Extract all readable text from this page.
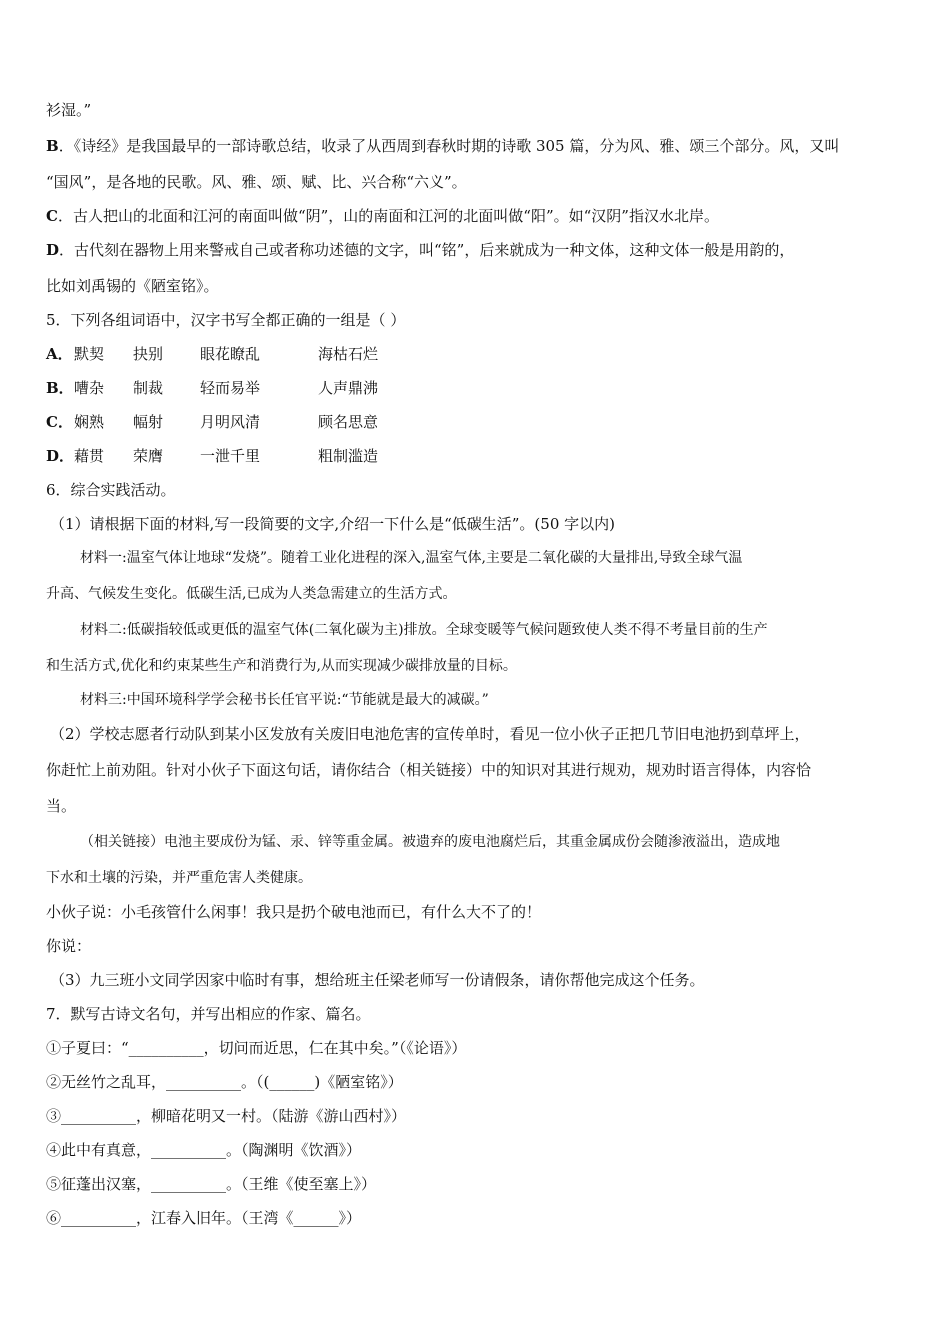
衫湿。”
B．《诗经》是我国最早的一部诗歌总结，收录了从西周到春秋时期的诗歌 305 篇，分为风、雅、颂三个部分。风，又叫
“国风”，是各地的民歌。风、雅、颂、赋、比、兴合称“六义”。
C．古人把山的北面和江河的南面叫做“阴”，山的南面和江河的北面叫做“阳”。如“汉阴”指汉水北岸。
D．古代刻在器物上用来警戒自己或者称功述德的文字，叫“铭”，后来就成为一种文体，这种文体一般是用韵的，
比如刘禹锡的《陋室铭》。
5．下列各组词语中，汉字书写全都正确的一组是（ ）
A． 默契 抉别 眼花瞭乱	海枯石烂
B． 嘈杂 制裁 轻而易举	人声鼎沸
C． 娴熟 幅射 月明风清	顾名思意
D． 藉贯 荣膺 一泄千里	粗制滥造
6．综合实践活动。
（1）请根据下面的材料,写一段简要的文字,介绍一下什么是“低碳生活”。(50 字以内)
材料一:温室气体让地球“发烧”。随着工业化进程的深入,温室气体,主要是二氧化碳的大量排出,导致全球气温
升高、气候发生变化。低碳生活,已成为人类急需建立的生活方式。
材料二:低碳指较低或更低的温室气体(二氧化碳为主)排放。全球变暖等气候问题致使人类不得不考量目前的生产
和生活方式,优化和约束某些生产和消费行为,从而实现减少碳排放量的目标。
材料三:中国环境科学学会秘书长任官平说:“节能就是最大的减碳。”
（2）学校志愿者行动队到某小区发放有关废旧电池危害的宣传单时，看见一位小伙子正把几节旧电池扔到草坪上，
你赶忙上前劝阻。针对小伙子下面这句话，请你结合（相关链接）中的知识对其进行规劝，规劝时语言得体，内容恰
当。
（相关链接）电池主要成份为锰、汞、锌等重金属。被遗弃的废电池腐烂后，其重金属成份会随渗液溢出，造成地
下水和土壤的污染，并严重危害人类健康。
小伙子说：小毛孩管什么闲事！我只是扔个破电池而已，有什么大不了的！
你说：
（3）九三班小文同学因家中临时有事，想给班主任梁老师写一份请假条，请你帮他完成这个任务。
7．默写古诗文名句，并写出相应的作家、篇名。
①子夏曰：“__________，切问而近思，仁在其中矣。”（《论语》）
②无丝竹之乱耳，__________。（(______)《陋室铭》）
③__________，柳暗花明又一村。（陆游《游山西村》）
④此中有真意，__________。（陶渊明《饮酒》）
⑤征蓬出汉塞，__________。（王维《使至塞上》）
⑥__________，江春入旧年。（王湾《______》）
